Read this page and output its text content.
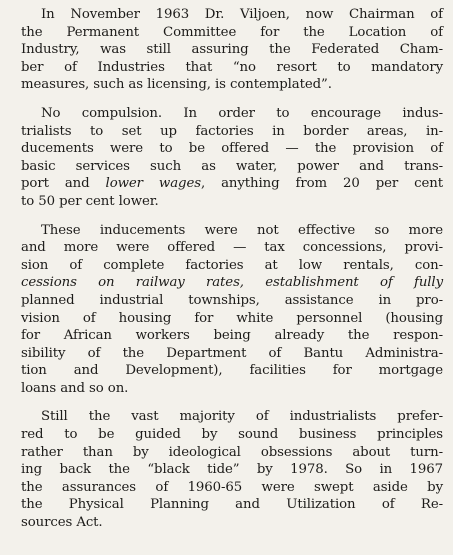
In November 1963 Dr. Viljoen, now Chairman of
the Permanent Committee for the Location of
Industry, was still assuring the Federated Cham-
ber of Industries that “no resort to mandatory
measures, such as licensing, is contemplated”.

No compulsion. In order to encourage indus-
trialists to set up factories in border areas, in-
ducements were to be offered — the provision of
basic services such as water, power and trans-
port and lower wages, anything from 20 per cent
to 50 per cent lower.

These inducements were not effective so more
and more were offered — tax concessions, provi-
sion of complete factories at low rentals, con-
cessions on railway rates, establishment of fully
planned industrial townships, assistance in pro-
vision of housing for white personnel (housing
for African workers being already the respon-
sibility of the Department of Bantu Administra-
tion and Development), facilities for mortgage
loans and so on.

Still the vast majority of industrialists prefer-
red to be guided by sound business principles
rather than by ideological obsessions about turn-
ing back the “black tide” by 1978. So in 1967
the assurances of 1960-65 were swept aside by
the Physical Planning and Utilization of Re-
sources Act.
